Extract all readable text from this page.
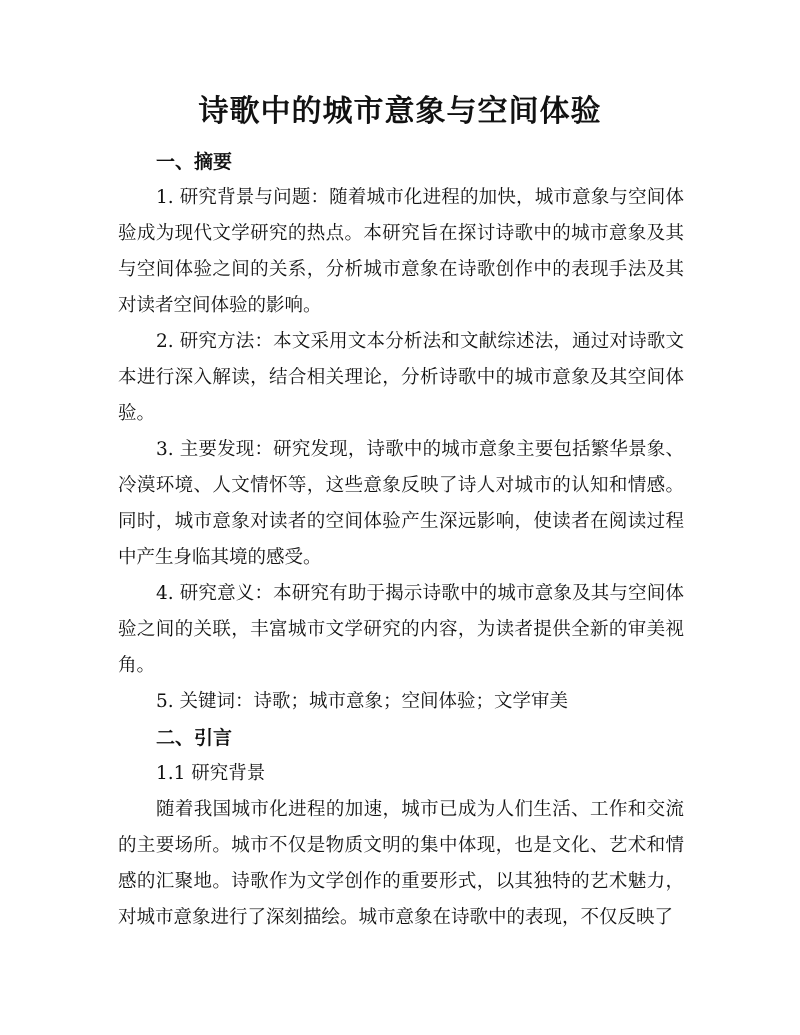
诗歌中的城市意象与空间体验

一、摘要

1. 研究背景与问题：随着城市化进程的加快，城市意象与空间体验成为现代文学研究的热点。本研究旨在探讨诗歌中的城市意象及其与空间体验之间的关系，分析城市意象在诗歌创作中的表现手法及其对读者空间体验的影响。

2. 研究方法：本文采用文本分析法和文献综述法，通过对诗歌文本进行深入解读，结合相关理论，分析诗歌中的城市意象及其空间体验。

3. 主要发现：研究发现，诗歌中的城市意象主要包括繁华景象、冷漠环境、人文情怀等，这些意象反映了诗人对城市的认知和情感。同时，城市意象对读者的空间体验产生深远影响，使读者在阅读过程中产生身临其境的感受。

4. 研究意义：本研究有助于揭示诗歌中的城市意象及其与空间体验之间的关联，丰富城市文学研究的内容，为读者提供全新的审美视角。

5. 关键词：诗歌；城市意象；空间体验；文学审美

二、引言

1.1 研究背景

随着我国城市化进程的加速，城市已成为人们生活、工作和交流的主要场所。城市不仅是物质文明的集中体现，也是文化、艺术和情感的汇聚地。诗歌作为文学创作的重要形式，以其独特的艺术魅力，对城市意象进行了深刻描绘。城市意象在诗歌中的表现，不仅反映了
